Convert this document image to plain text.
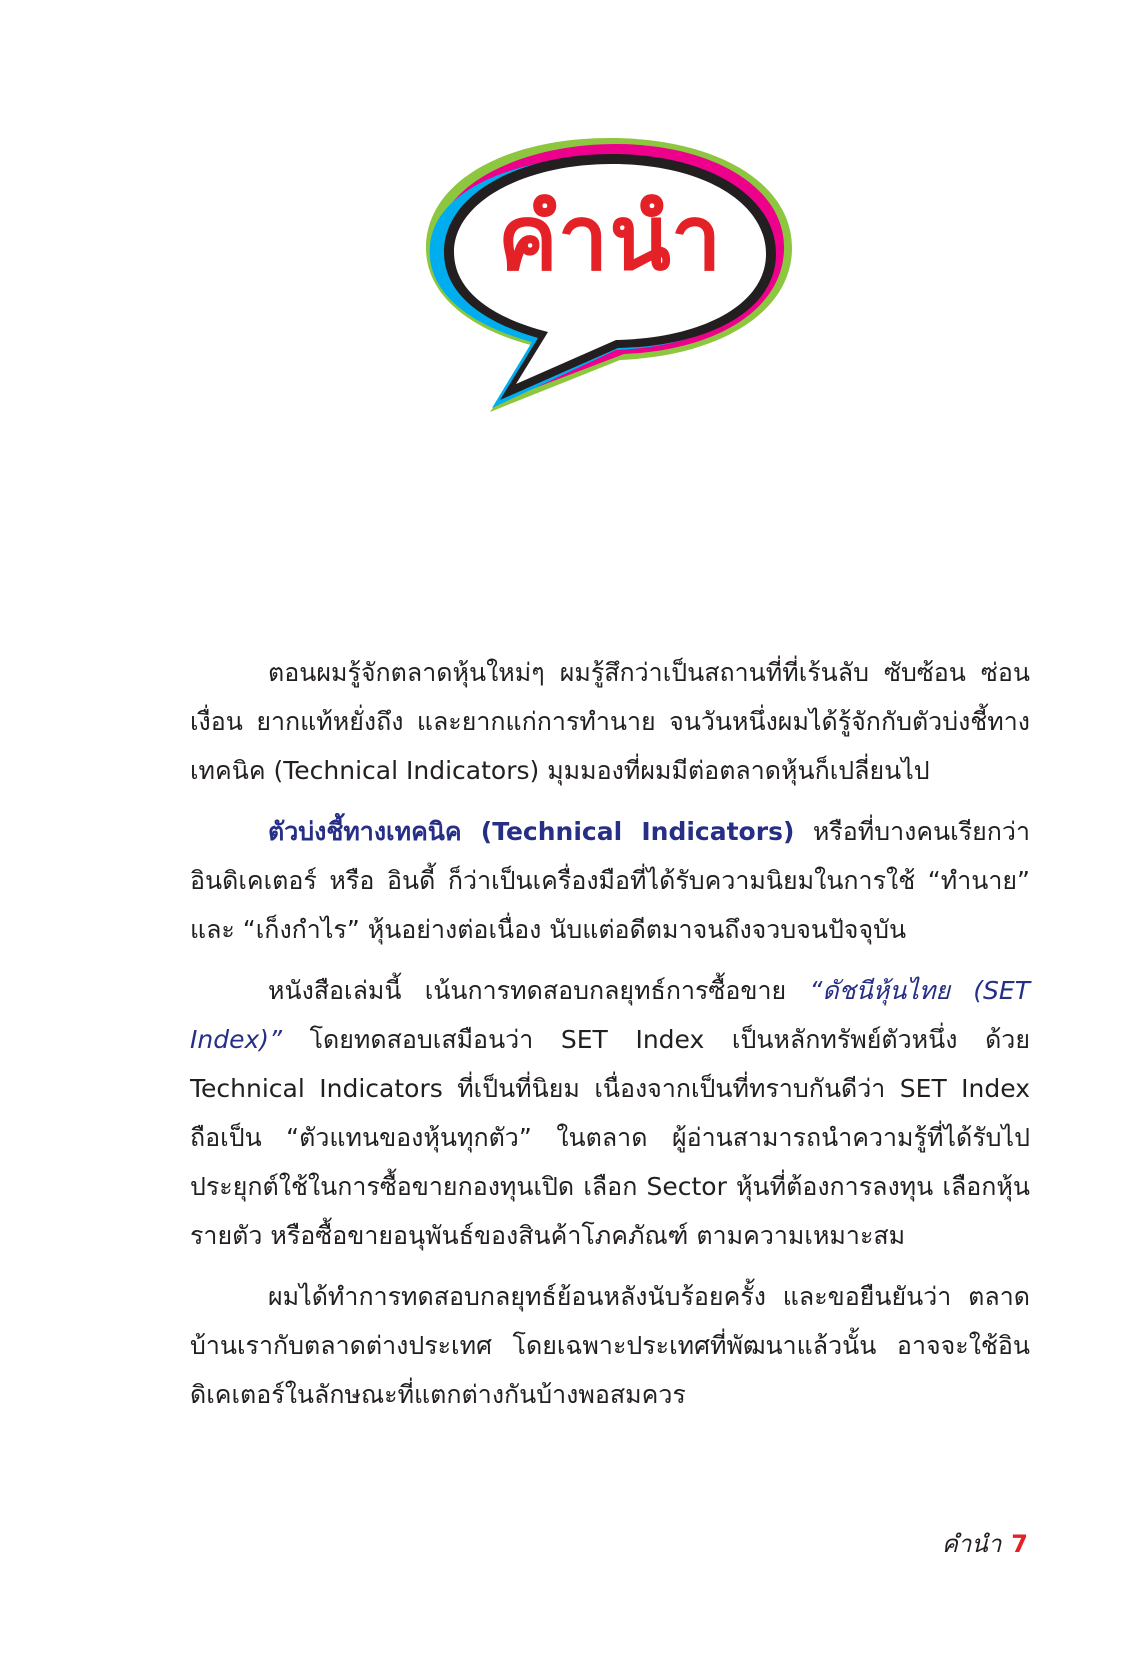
คำนำ

ตอนผมรู้จักตลาดหุ้นใหม่ๆ ผมรู้สึกว่าเป็นสถานที่ที่เร้นลับ ซับซ้อน ซ่อนเงื่อน ยากแท้หยั่งถึง และยากแก่การทำนาย จนวันหนึ่งผมได้รู้จักกับตัวบ่งชี้ทางเทคนิค (Technical Indicators) มุมมองที่ผมมีต่อตลาดหุ้นก็เปลี่ยนไป

ตัวบ่งชี้ทางเทคนิค (Technical Indicators) หรือที่บางคนเรียกว่า อินดิเคเตอร์ หรือ อินดี้ ก็ว่าเป็นเครื่องมือที่ได้รับความนิยมในการใช้ “ทำนาย” และ “เก็งกำไร” หุ้นอย่างต่อเนื่อง นับแต่อดีตมาจนถึงจวบจนปัจจุบัน

หนังสือเล่มนี้ เน้นการทดสอบกลยุทธ์การซื้อขาย “ดัชนีหุ้นไทย (SET Index)” โดยทดสอบเสมือนว่า SET Index เป็นหลักทรัพย์ตัวหนึ่ง ด้วย Technical Indicators ที่เป็นที่นิยม เนื่องจากเป็นที่ทราบกันดีว่า SET Index ถือเป็น “ตัวแทนของหุ้นทุกตัว” ในตลาด ผู้อ่านสามารถนำความรู้ที่ได้รับไปประยุกต์ใช้ในการซื้อขายกองทุนเปิด เลือก Sector หุ้นที่ต้องการลงทุน เลือกหุ้นรายตัว หรือซื้อขายอนุพันธ์ของสินค้าโภคภัณฑ์ ตามความเหมาะสม

ผมได้ทำการทดสอบกลยุทธ์ย้อนหลังนับร้อยครั้ง และขอยืนยันว่า ตลาดบ้านเรากับตลาดต่างประเทศ โดยเฉพาะประเทศที่พัฒนาแล้วนั้น อาจจะใช้อินดิเคเตอร์ในลักษณะที่แตกต่างกันบ้างพอสมควร

คำนำ 7
